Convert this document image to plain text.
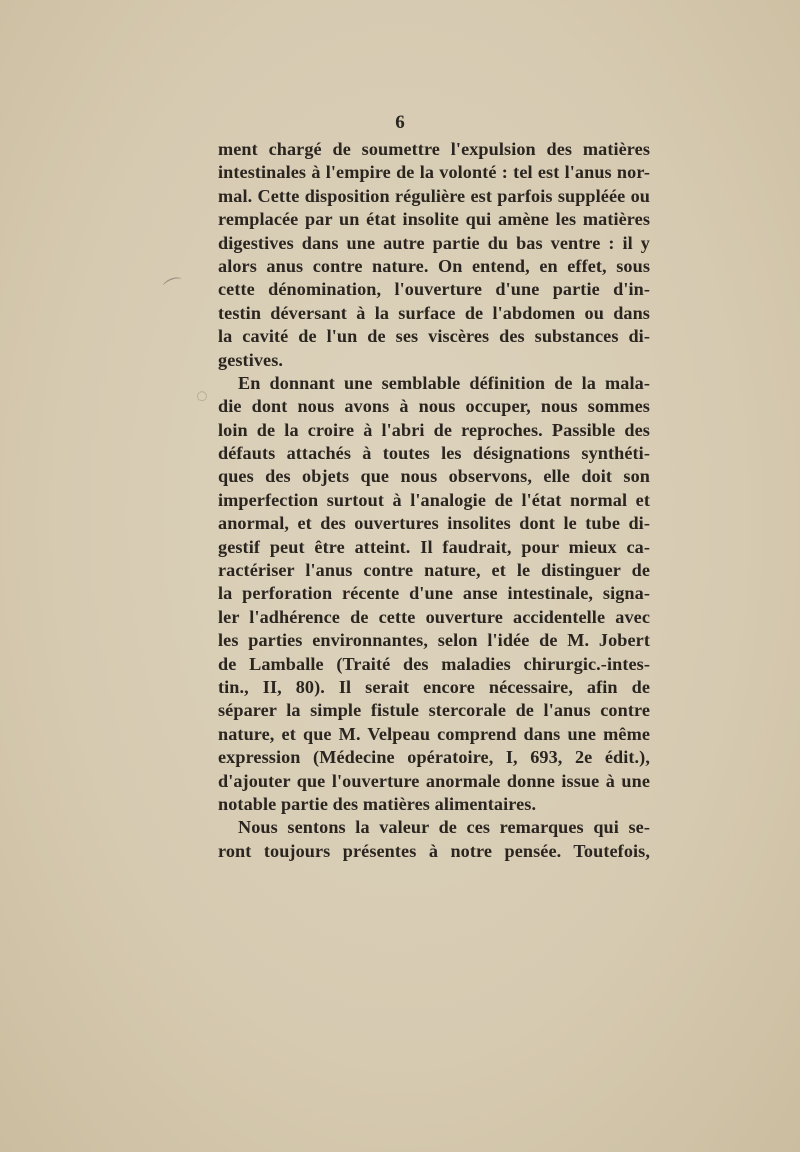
6
ment chargé de soumettre l'expulsion des matières
intestinales à l'empire de la volonté : tel est l'anus nor-
mal. Cette disposition régulière est parfois suppléée ou
remplacée par un état insolite qui amène les matières
digestives dans une autre partie du bas ventre : il y
alors anus contre nature. On entend, en effet, sous
cette dénomination, l'ouverture d'une partie d'in-
testin déversant à la surface de l'abdomen ou dans
la cavité de l'un de ses viscères des substances di-
gestives.
En donnant une semblable définition de la mala-
die dont nous avons à nous occuper, nous sommes
loin de la croire à l'abri de reproches. Passible des
défauts attachés à toutes les désignations synthéti-
ques des objets que nous observons, elle doit son
imperfection surtout à l'analogie de l'état normal et
anormal, et des ouvertures insolites dont le tube di-
gestif peut être atteint. Il faudrait, pour mieux ca-
ractériser l'anus contre nature, et le distinguer de
la perforation récente d'une anse intestinale, signa-
ler l'adhérence de cette ouverture accidentelle avec
les parties environnantes, selon l'idée de M. Jobert
de Lamballe (Traité des maladies chirurgic.-intes-
tin., II, 80). Il serait encore nécessaire, afin de
séparer la simple fistule stercorale de l'anus contre
nature, et que M. Velpeau comprend dans une même
expression (Médecine opératoire, I, 693, 2e édit.),
d'ajouter que l'ouverture anormale donne issue à une
notable partie des matières alimentaires.
Nous sentons la valeur de ces remarques qui se-
ront toujours présentes à notre pensée. Toutefois,
⌒
◌
